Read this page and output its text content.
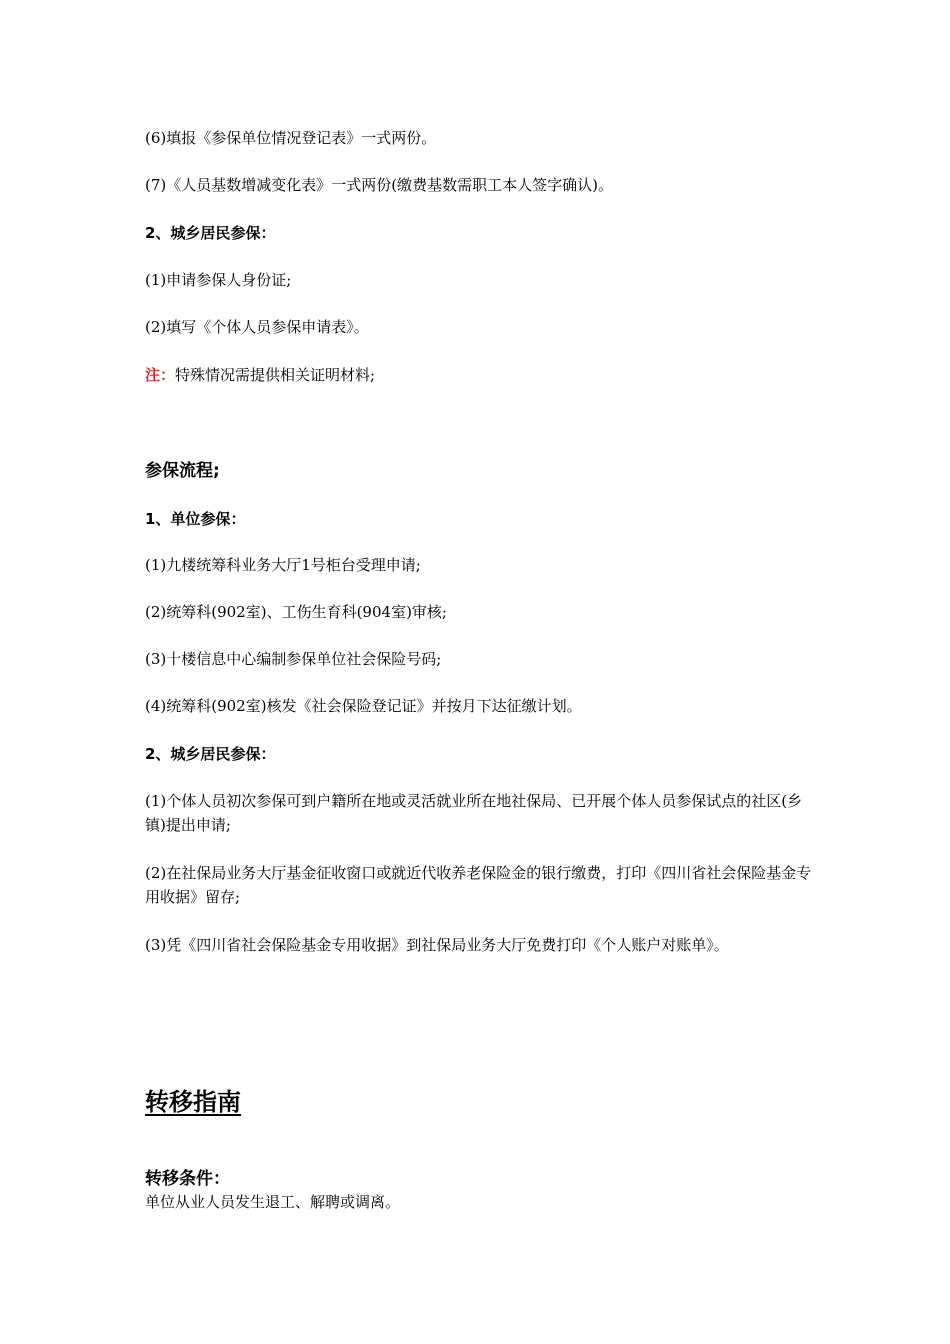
(6)填报《参保单位情况登记表》一式两份。
(7)《人员基数增减变化表》一式两份(缴费基数需职工本人签字确认)。
2、城乡居民参保：
(1)申请参保人身份证;
(2)填写《个体人员参保申请表》。
注：特殊情况需提供相关证明材料;
参保流程;
1、单位参保：
(1)九楼统筹科业务大厅1号柜台受理申请;
(2)统筹科(902室)、工伤生育科(904室)审核;
(3)十楼信息中心编制参保单位社会保险号码;
(4)统筹科(902室)核发《社会保险登记证》并按月下达征缴计划。
2、城乡居民参保：
(1)个体人员初次参保可到户籍所在地或灵活就业所在地社保局、已开展个体人员参保试点的社区(乡镇)提出申请;
(2)在社保局业务大厅基金征收窗口或就近代收养老保险金的银行缴费，打印《四川省社会保险基金专用收据》留存;
(3)凭《四川省社会保险基金专用收据》到社保局业务大厅免费打印《个人账户对账单》。
转移指南
转移条件：
单位从业人员发生退工、解聘或调离。
